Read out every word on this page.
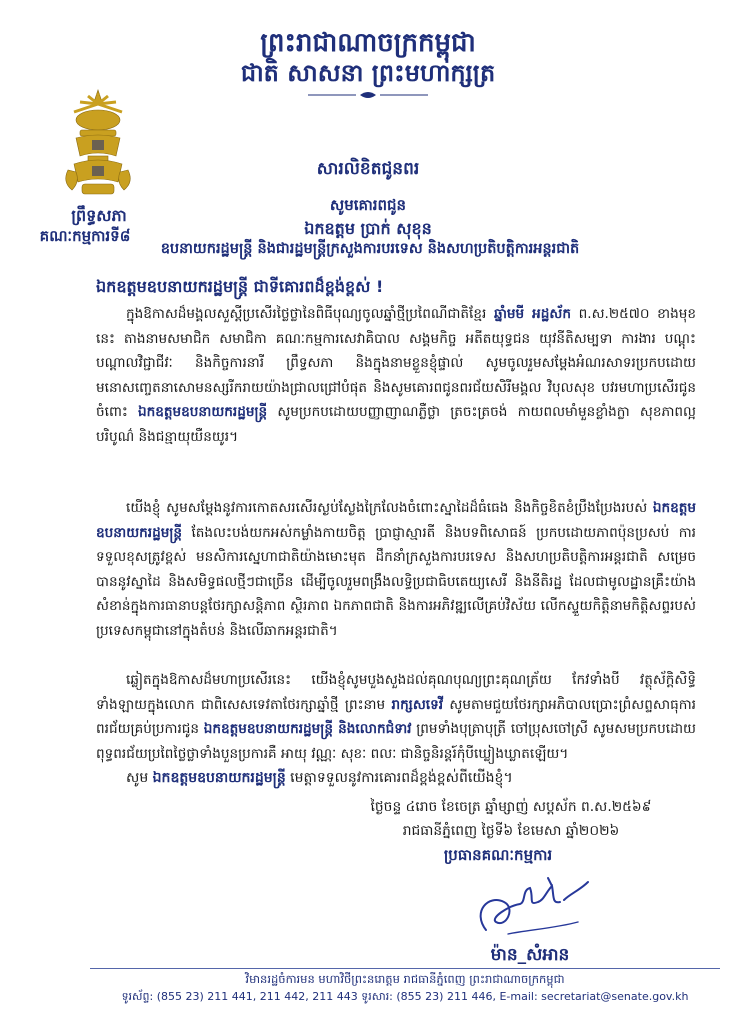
ព្រះរាជាណាចក្រកម្ពុជា
ជាតិ សាសនា ព្រះមហាក្សត្រ
ព្រឹទ្ធសភា
គណៈកម្មការទី៨
សារលិខិតជូនពរ
សូមគោរពជូន
ឯកឧត្តម ប្រាក់ សុខុន
ឧបនាយករដ្ឋមន្ត្រី និងជារដ្ឋមន្ត្រីក្រសួងការបរទេស និងសហប្រតិបត្តិការអន្តរជាតិ
ឯកឧត្តមឧបនាយករដ្ឋមន្ត្រី ជាទីគោរពដ៏ខ្ពង់ខ្ពស់ !
ក្នុងឱកាសដ៏មង្គលសួស្តីប្រសើរថ្លៃថ្លានៃពិធីបុណ្យចូលឆ្នាំថ្មីប្រពៃណីជាតិខ្មែរ ឆ្នាំមមី អដ្ឋស័ក ព.ស.២៥៧០ ខាងមុខនេះ តាងនាមសមាជិក សមាជិកា គណៈកម្មការសេវាគិបាល សង្គមកិច្ច អតីតយុទ្ធជន យុវនីតិសម្បទា ការងារ បណ្ដុះបណ្ដាលវិជ្ជាជីវៈ និងកិច្ចការនារី ព្រឹទ្ធសភា និងក្នុងនាមខ្លួនខ្ញុំផ្ទាល់ សូមចូលរួមសម្ដែងអំណរសាទរប្រកបដោយមនោសញ្ចេតនាសោមនស្សរីករាយយ៉ាងជ្រាលជ្រៅបំផុត និងសូមគោរពជូនពរជ័យសិរីមង្គល វិបុលសុខ បវរមហាប្រសើរជូនចំពោះ ឯកឧត្តមឧបនាយករដ្ឋមន្ត្រី សូមប្រកបដោយបញ្ញាញាណភ្លឺថ្លា ត្រចះត្រចង់ កាយពលមាំមួនខ្លាំងក្លា សុខភាពល្អបរិបូណ៌ និងជន្មាយុយឺនយូរ។
យើងខ្ញុំ សូមសម្ដែងនូវការកោតសរសើរស្ងប់ស្ងែងក្រៃលែងចំពោះស្នាដៃដ៏ធំធេង និងកិច្ចខិតខំប្រឹងប្រែងរបស់ ឯកឧត្តមឧបនាយករដ្ឋមន្ត្រី តែងលះបង់យកអស់កម្លាំងកាយចិត្ត ប្រាជ្ញាស្មារតី និងបទពិសោធន៍ ប្រកបដោយភាពប៉ុនប្រសប់ ការទទួលខុសត្រូវខ្ពស់ មនសិការស្នេហាជាតិយ៉ាងមោះមុត ដឹកនាំក្រសួងការបរទេស និងសហប្រតិបត្តិការអន្តរជាតិ សម្រេចបាននូវស្នាដៃ និងសមិទ្ធផលថ្មីៗជាច្រើន ដើម្បីចូលរួមពង្រឹងលទ្ធិប្រជាធិបតេយ្យសេរី និងនីតិរដ្ឋ ដែលជាមូលដ្ឋានគ្រឹះយ៉ាងសំខាន់ក្នុងការធានាបន្តថែរក្សាសន្តិភាព ស្ថិរភាព ឯកភាពជាតិ និងការអភិវឌ្ឍលើគ្រប់វិស័យ លើកស្ទួយកិត្តិនាមកិត្តិសព្ទរបស់ប្រទេសកម្ពុជានៅក្នុងតំបន់ និងលើឆាកអន្តរជាតិ។
ឆ្លៀតក្នុងឱកាសដ៏មហាប្រសើរនេះ យើងខ្ញុំសូមបួងសួងដល់គុណបុណ្យព្រះគុណត្រ័យ កែវទាំងបី វត្ថុស័ក្តិសិទ្ធិទាំងឡាយក្នុងលោក ជាពិសេសទេវតាថែរក្សាឆ្នាំថ្មី ព្រះនាម រាក្សសទេវី សូមតាមជួយថែរក្សាអភិបាលប្រោះព្រំសព្ទសាធុការពរជ័យគ្រប់ប្រការជូន ឯកឧត្តមឧបនាយករដ្ឋមន្ត្រី និងលោកជំទាវ ព្រមទាំងបុត្រាបុត្រី ចៅប្រុសចៅស្រី សូមសមប្រកបដោយពុទ្ធពរជ័យប្រពៃថ្លៃថ្លាទាំងបួនប្រការគឺ អាយុ វណ្ណៈ សុខៈ ពលៈ ជានិច្ចនិរន្តរ៍កុំបីឃ្លៀងឃ្លាតឡើយ។
សូម ឯកឧត្តមឧបនាយករដ្ឋមន្ត្រី មេត្តាទទួលនូវការគោរពដ៏ខ្ពង់ខ្ពស់ពីយើងខ្ញុំ។
ថ្ងៃចន្ទ ៤រោច ខែចេត្រ ឆ្នាំម្សាញ់ សប្តស័ក ព.ស.២៥៦៩
រាជធានីភ្នំពេញ ថ្ងៃទី៦ ខែមេសា ឆ្នាំ២០២៦
ប្រធានគណៈកម្មការ
ម៉ាន_សំអាន
វិមានរដ្ឋចំការមន មហាវិថីព្រះនរោត្តម រាជធានីភ្នំពេញ ព្រះរាជាណាចក្រកម្ពុជា
ទូរស័ព្ទ: (855 23) 211 441, 211 442, 211 443 ទូរសារ: (855 23) 211 446, E-mail: secretariat@senate.gov.kh
